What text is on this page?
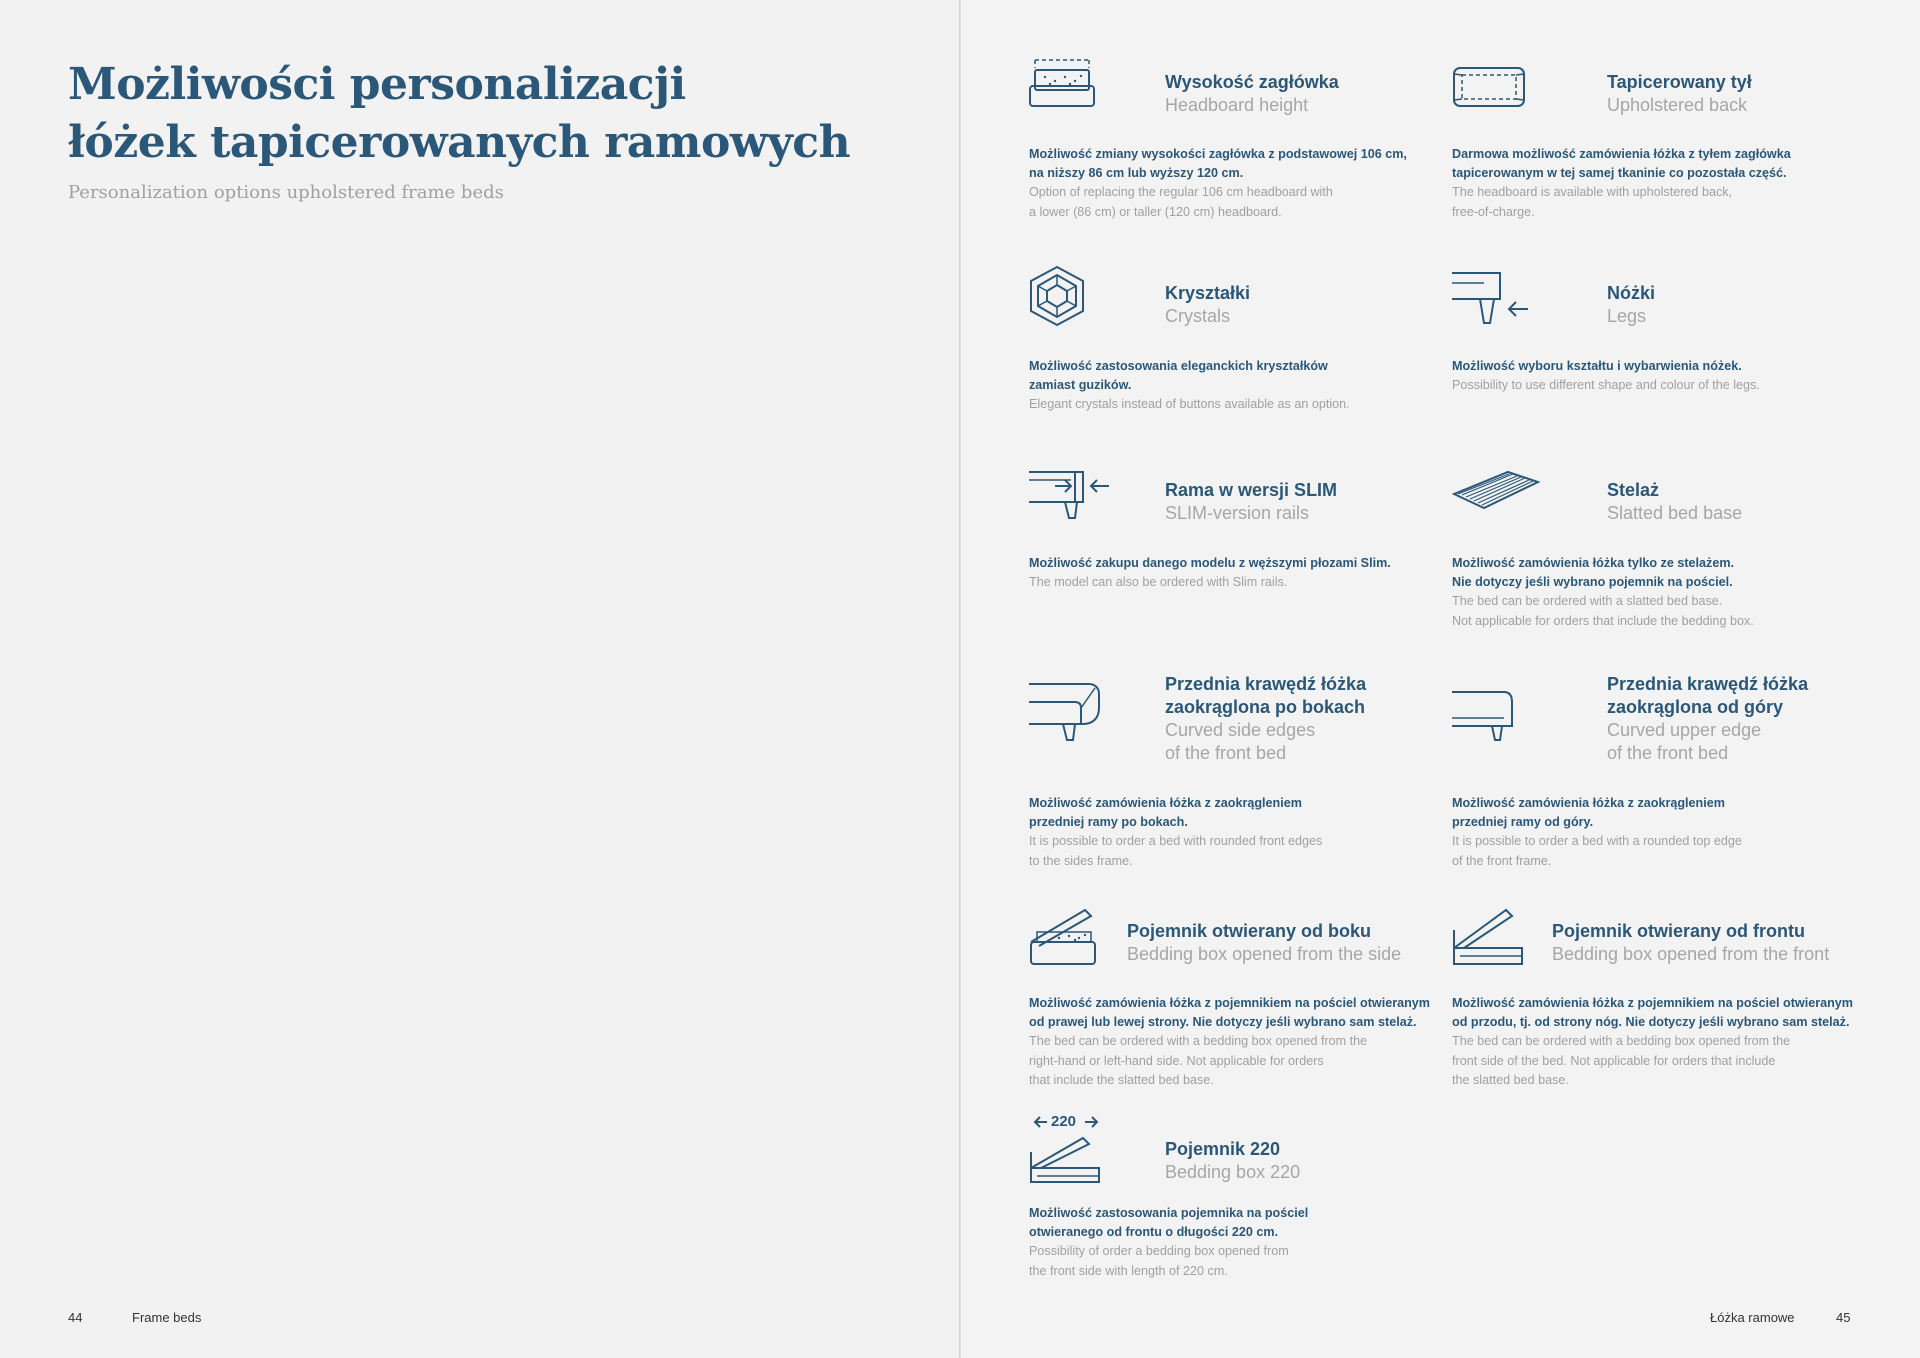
Możliwości personalizacji
łóżek tapicerowanych ramowych
Personalization options upholstered frame beds
44	Frame beds
Wysokość zagłówka
Headboard height
Możliwość zmiany wysokości zagłówka z podstawowej 106 cm,
na niższy 86 cm lub wyższy 120 cm.
Option of replacing the regular 106 cm headboard with
a lower (86 cm) or taller (120 cm) headboard.
Tapicerowany tył
Upholstered back
Darmowa możliwość zamówienia łóżka z tyłem zagłówka
tapicerowanym w tej samej tkaninie co pozostała część.
The headboard is available with upholstered back,
free-of-charge.
Kryształki
Crystals
Możliwość zastosowania eleganckich kryształków
zamiast guzików.
Elegant crystals instead of buttons available as an option.
Nóżki
Legs
Możliwość wyboru kształtu i wybarwienia nóżek.
Possibility to use different shape and colour of the legs.
Rama w wersji SLIM
SLIM-version rails
Możliwość zakupu danego modelu z węższymi płozami Slim.
The model can also be ordered with Slim rails.
Stelaż
Slatted bed base
Możliwość zamówienia łóżka tylko ze stelażem.
Nie dotyczy jeśli wybrano pojemnik na pościel.
The bed can be ordered with a slatted bed base.
Not applicable for orders that include the bedding box.
Przednia krawędź łóżka
zaokrąglona po bokach
Curved side edges
of the front bed
Możliwość zamówienia łóżka z zaokrągleniem
przedniej ramy po bokach.
It is possible to order a bed with rounded front edges
to the sides frame.
Przednia krawędź łóżka
zaokrąglona od góry
Curved upper edge
of the front bed
Możliwość zamówienia łóżka z zaokrągleniem
przedniej ramy od góry.
It is possible to order a bed with a rounded top edge
of the front frame.
Pojemnik otwierany od boku
Bedding box opened from the side
Możliwość zamówienia łóżka z pojemnikiem na pościel otwieranym
od prawej lub lewej strony. Nie dotyczy jeśli wybrano sam stelaż.
The bed can be ordered with a bedding box opened from the
right-hand or left-hand side. Not applicable for orders
that include the slatted bed base.
Pojemnik otwierany od frontu
Bedding box opened from the front
Możliwość zamówienia łóżka z pojemnikiem na pościel otwieranym
od przodu, tj. od strony nóg. Nie dotyczy jeśli wybrano sam stelaż.
The bed can be ordered with a bedding box opened from the
front side of the bed. Not applicable for orders that include
the slatted bed base.
220
Pojemnik 220
Bedding box 220
Możliwość zastosowania pojemnika na pościel
otwieranego od frontu o długości 220 cm.
Possibility of order a bedding box opened from
the front side with length of 220 cm.
Łóżka ramowe	45
